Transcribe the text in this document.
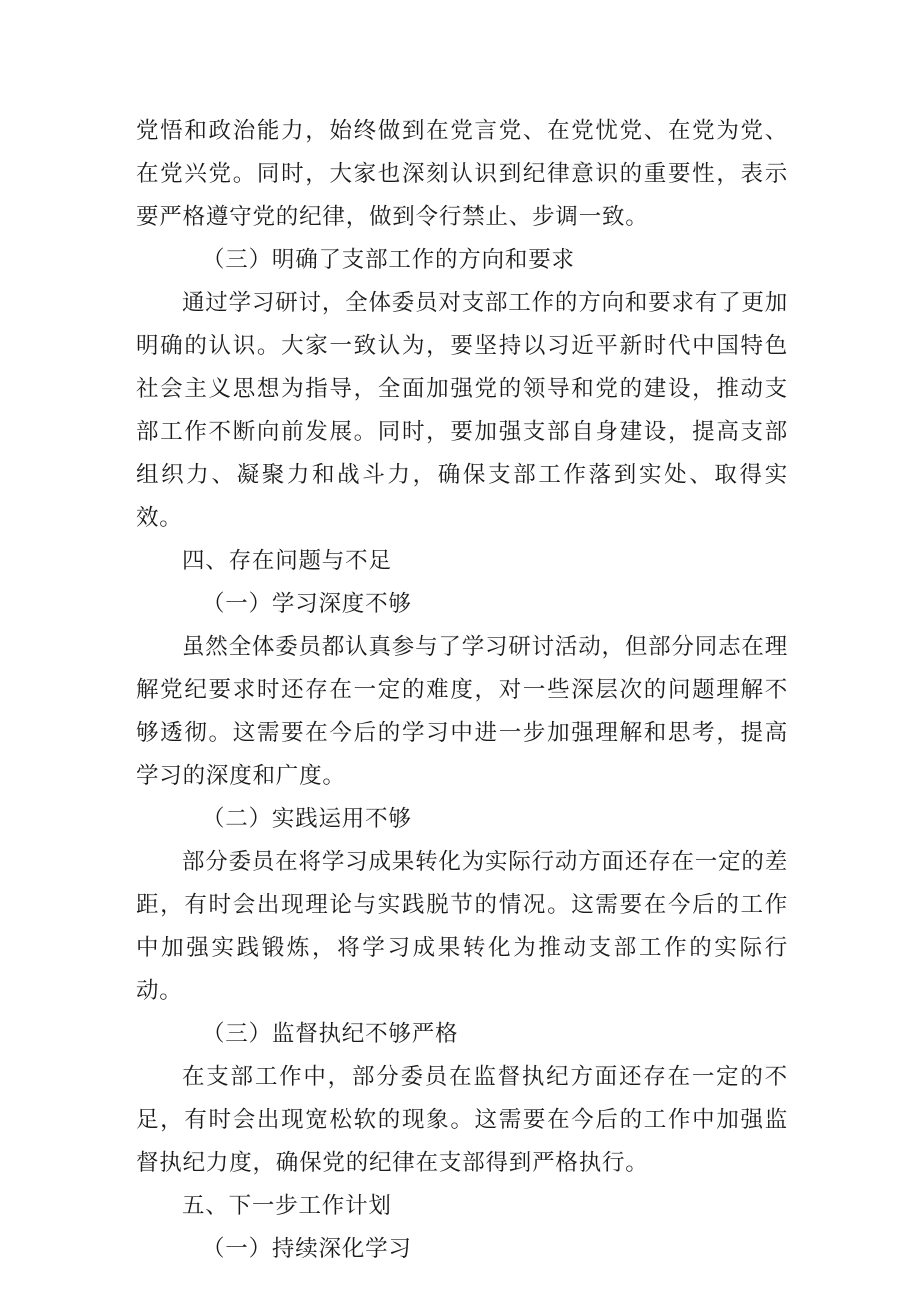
党悟和政治能力，始终做到在党言党、在党忧党、在党为党、在党兴党。同时，大家也深刻认识到纪律意识的重要性，表示要严格遵守党的纪律，做到令行禁止、步调一致。

（三）明确了支部工作的方向和要求

通过学习研讨，全体委员对支部工作的方向和要求有了更加明确的认识。大家一致认为，要坚持以习近平新时代中国特色社会主义思想为指导，全面加强党的领导和党的建设，推动支部工作不断向前发展。同时，要加强支部自身建设，提高支部组织力、凝聚力和战斗力，确保支部工作落到实处、取得实效。

四、存在问题与不足

（一）学习深度不够

虽然全体委员都认真参与了学习研讨活动，但部分同志在理解党纪要求时还存在一定的难度，对一些深层次的问题理解不够透彻。这需要在今后的学习中进一步加强理解和思考，提高学习的深度和广度。

（二）实践运用不够

部分委员在将学习成果转化为实际行动方面还存在一定的差距，有时会出现理论与实践脱节的情况。这需要在今后的工作中加强实践锻炼，将学习成果转化为推动支部工作的实际行动。

（三）监督执纪不够严格

在支部工作中，部分委员在监督执纪方面还存在一定的不足，有时会出现宽松软的现象。这需要在今后的工作中加强监督执纪力度，确保党的纪律在支部得到严格执行。

五、下一步工作计划

（一）持续深化学习
